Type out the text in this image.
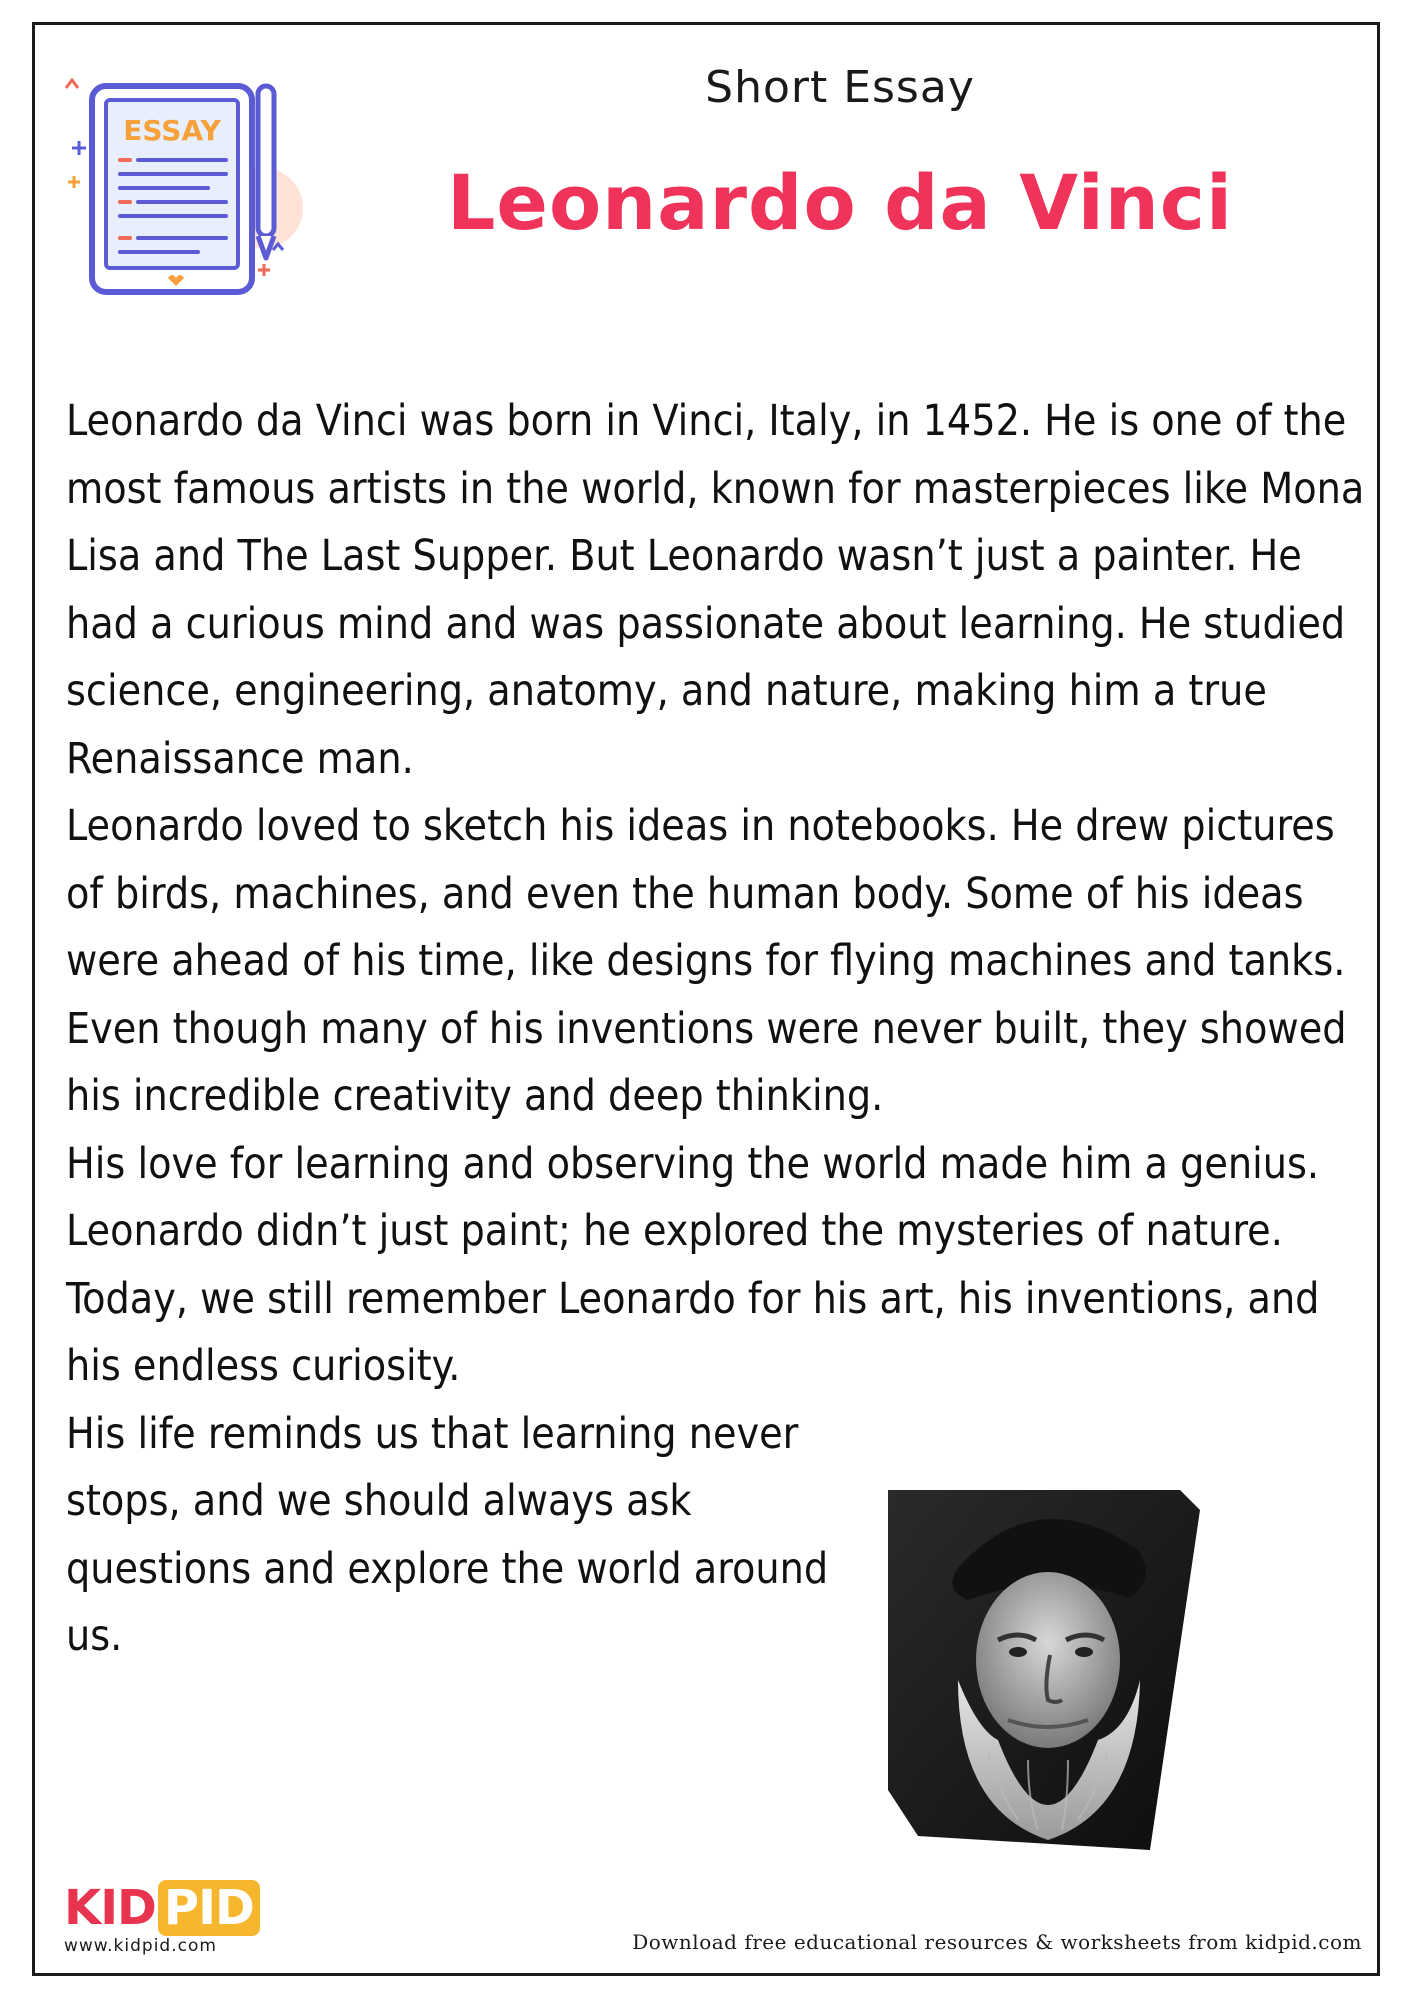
ESSAY
Short Essay
Leonardo da Vinci

Leonardo da Vinci was born in Vinci, Italy, in 1452. He is one of the most famous artists in the world, known for masterpieces like Mona Lisa and The Last Supper. But Leonardo wasn’t just a painter. He had a curious mind and was passionate about learning. He studied science, engineering, anatomy, and nature, making him a true Renaissance man.

Leonardo loved to sketch his ideas in notebooks. He drew pictures of birds, machines, and even the human body. Some of his ideas were ahead of his time, like designs for flying machines and tanks. Even though many of his inventions were never built, they showed his incredible creativity and deep thinking.

His love for learning and observing the world made him a genius. Leonardo didn’t just paint; he explored the mysteries of nature. Today, we still remember Leonardo for his art, his inventions, and his endless curiosity.

His life reminds us that learning never stops, and we should always ask questions and explore the world around us.

KID PID
www.kidpid.com	Download free educational resources & worksheets from kidpid.com
